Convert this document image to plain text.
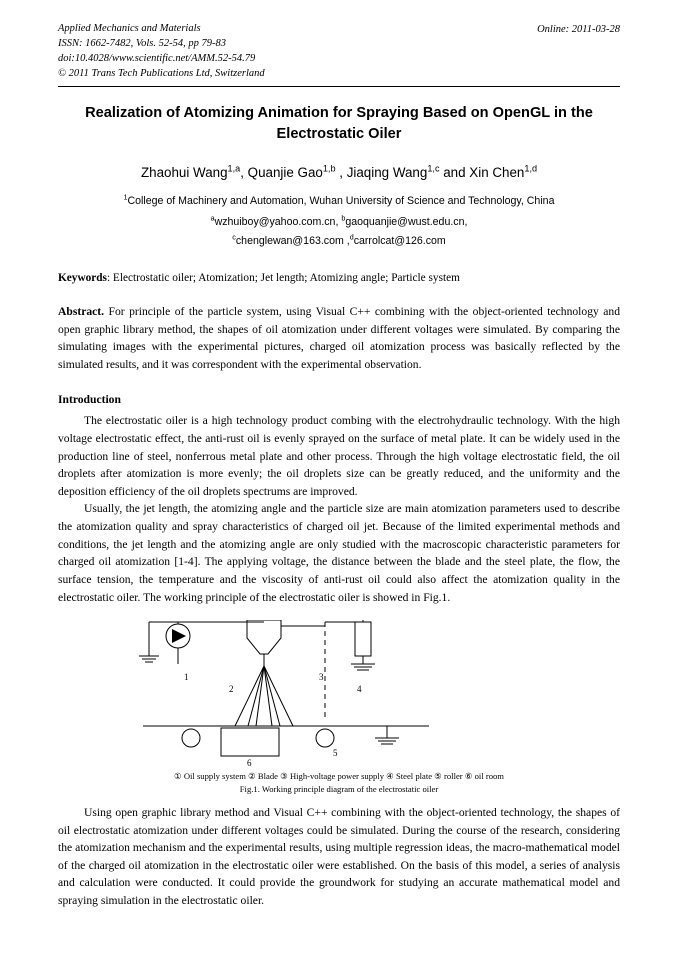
Applied Mechanics and Materials
ISSN: 1662-7482, Vols. 52-54, pp 79-83
doi:10.4028/www.scientific.net/AMM.52-54.79
© 2011 Trans Tech Publications Ltd, Switzerland
Online: 2011-03-28
Realization of Atomizing Animation for Spraying Based on OpenGL in the Electrostatic Oiler
Zhaohui Wang$^{1,a}$, Quanjie Gao$^{1,b}$ , Jiaqing Wang$^{1,c}$ and Xin Chen$^{1,d}$
$^1$College of Machinery and Automation, Wuhan University of Science and Technology, China
$^a$wzhuiboy@yahoo.com.cn, $^b$gaoquanjie@wust.edu.cn,
$^c$chenglewan@163.com ,$^d$carrolcat@126.com
Keywords: Electrostatic oiler; Atomization; Jet length; Atomizing angle; Particle system
Abstract. For principle of the particle system, using Visual C++ combining with the object-oriented technology and open graphic library method, the shapes of oil atomization under different voltages were simulated. By comparing the simulating images with the experimental pictures, charged oil atomization process was basically reflected by the simulated results, and it was correspondent with the experimental observation.
Introduction

The electrostatic oiler is a high technology product combing with the electrohydraulic technology. With the high voltage electrostatic effect, the anti-rust oil is evenly sprayed on the surface of metal plate. It can be widely used in the production line of steel, nonferrous metal plate and other process. Through the high voltage electrostatic field, the oil droplets after atomization is more evenly; the oil droplets size can be greatly reduced, and the uniformity and the deposition efficiency of the oil droplets spectrums are improved.

Usually, the jet length, the atomizing angle and the particle size are main atomization parameters used to describe the atomization quality and spray characteristics of charged oil jet. Because of the limited experimental methods and conditions, the jet length and the atomizing angle are only studied with the macroscopic characteristic parameters for charged oil atomization [1-4]. The applying voltage, the distance between the blade and the steel plate, the flow, the surface tension, the temperature and the viscosity of anti-rust oil could also affect the atomization quality in the electrostatic oiler. The working principle of the electrostatic oiler is showed in Fig.1.

1
2
3
4
5
6
① Oil supply system ② Blade ③ High-voltage power supply ④ Steel plate ⑤ roller ⑥ oil room
Fig.1. Working principle diagram of the electrostatic oiler

Using open graphic library method and Visual C++ combining with the object-oriented technology, the shapes of oil electrostatic atomization under different voltages could be simulated. During the course of the research, considering the atomization mechanism and the experimental results, using multiple regression ideas, the macro-mathematical model of the charged oil atomization in the electrostatic oiler were established. On the basis of this model, a series of analysis and calculation were conducted. It could provide the groundwork for studying an accurate mathematical model and spraying simulation in the electrostatic oiler.
